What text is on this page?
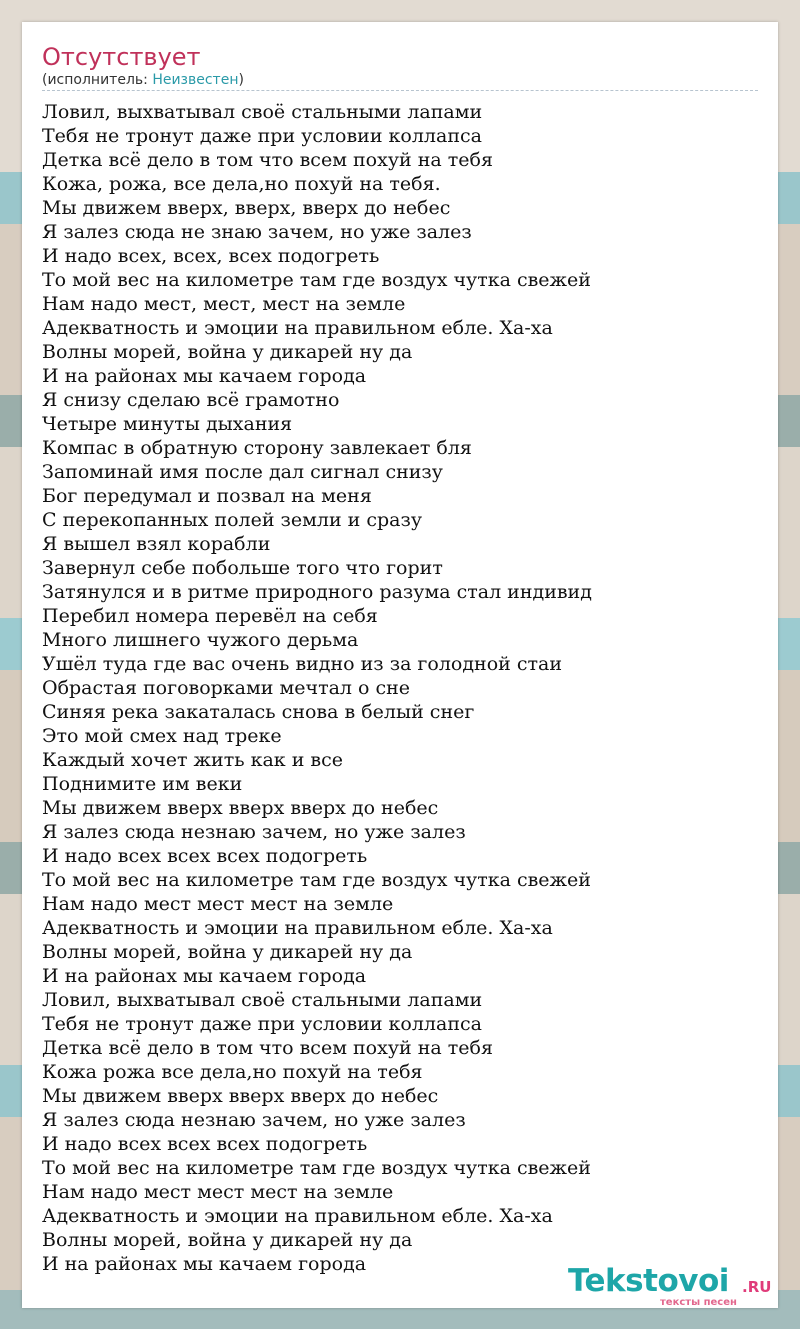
Отсутствует
(исполнитель: Неизвестен)
Ловил, выхватывал своё стальными лапами
Тебя не тронут даже при условии коллапса
Детка всё дело в том что всем похуй на тебя
Кожа, рожа, все дела,но похуй на тебя.
Мы движем вверх, вверх, вверх до небес
Я залез сюда не знаю зачем, но уже залез
И надо всех, всех, всех подогреть
То мой вес на километре там где воздух чутка свежей
Нам надо мест, мест, мест на земле
Адекватность и эмоции на правильном ебле. Ха-ха
Волны морей, война у дикарей ну да
И на районах мы качаем города
Я снизу сделаю всё грамотно
Четыре минуты дыхания
Компас в обратную сторону завлекает бля
Запоминай имя после дал сигнал снизу
Бог передумал и позвал на меня
С перекопанных полей земли и сразу
Я вышел взял корабли
Завернул себе побольше того что горит
Затянулся и в ритме природного разума стал индивид
Перебил номера перевёл на себя
Много лишнего чужого дерьма
Ушёл туда где вас очень видно из за голодной стаи
Обрастая поговорками мечтал о сне
Синяя река закаталась снова в белый снег
Это мой смех над треке
Каждый хочет жить как и все
Поднимите им веки
Мы движем вверх вверх вверх до небес
Я залез сюда незнаю зачем, но уже залез
И надо всех всех всех подогреть
То мой вес на километре там где воздух чутка свежей
Нам надо мест мест мест на земле
Адекватность и эмоции на правильном ебле. Ха-ха
Волны морей, война у дикарей ну да
И на районах мы качаем города
Ловил, выхватывал своё стальными лапами
Тебя не тронут даже при условии коллапса
Детка всё дело в том что всем похуй на тебя
Кожа рожа все дела,но похуй на тебя
Мы движем вверх вверх вверх до небес
Я залез сюда незнаю зачем, но уже залез
И надо всех всех всех подогреть
То мой вес на километре там где воздух чутка свежей
Нам надо мест мест мест на земле
Адекватность и эмоции на правильном ебле. Ха-ха
Волны морей, война у дикарей ну да
И на районах мы качаем города	Tekstovoi .RU
тексты песен
